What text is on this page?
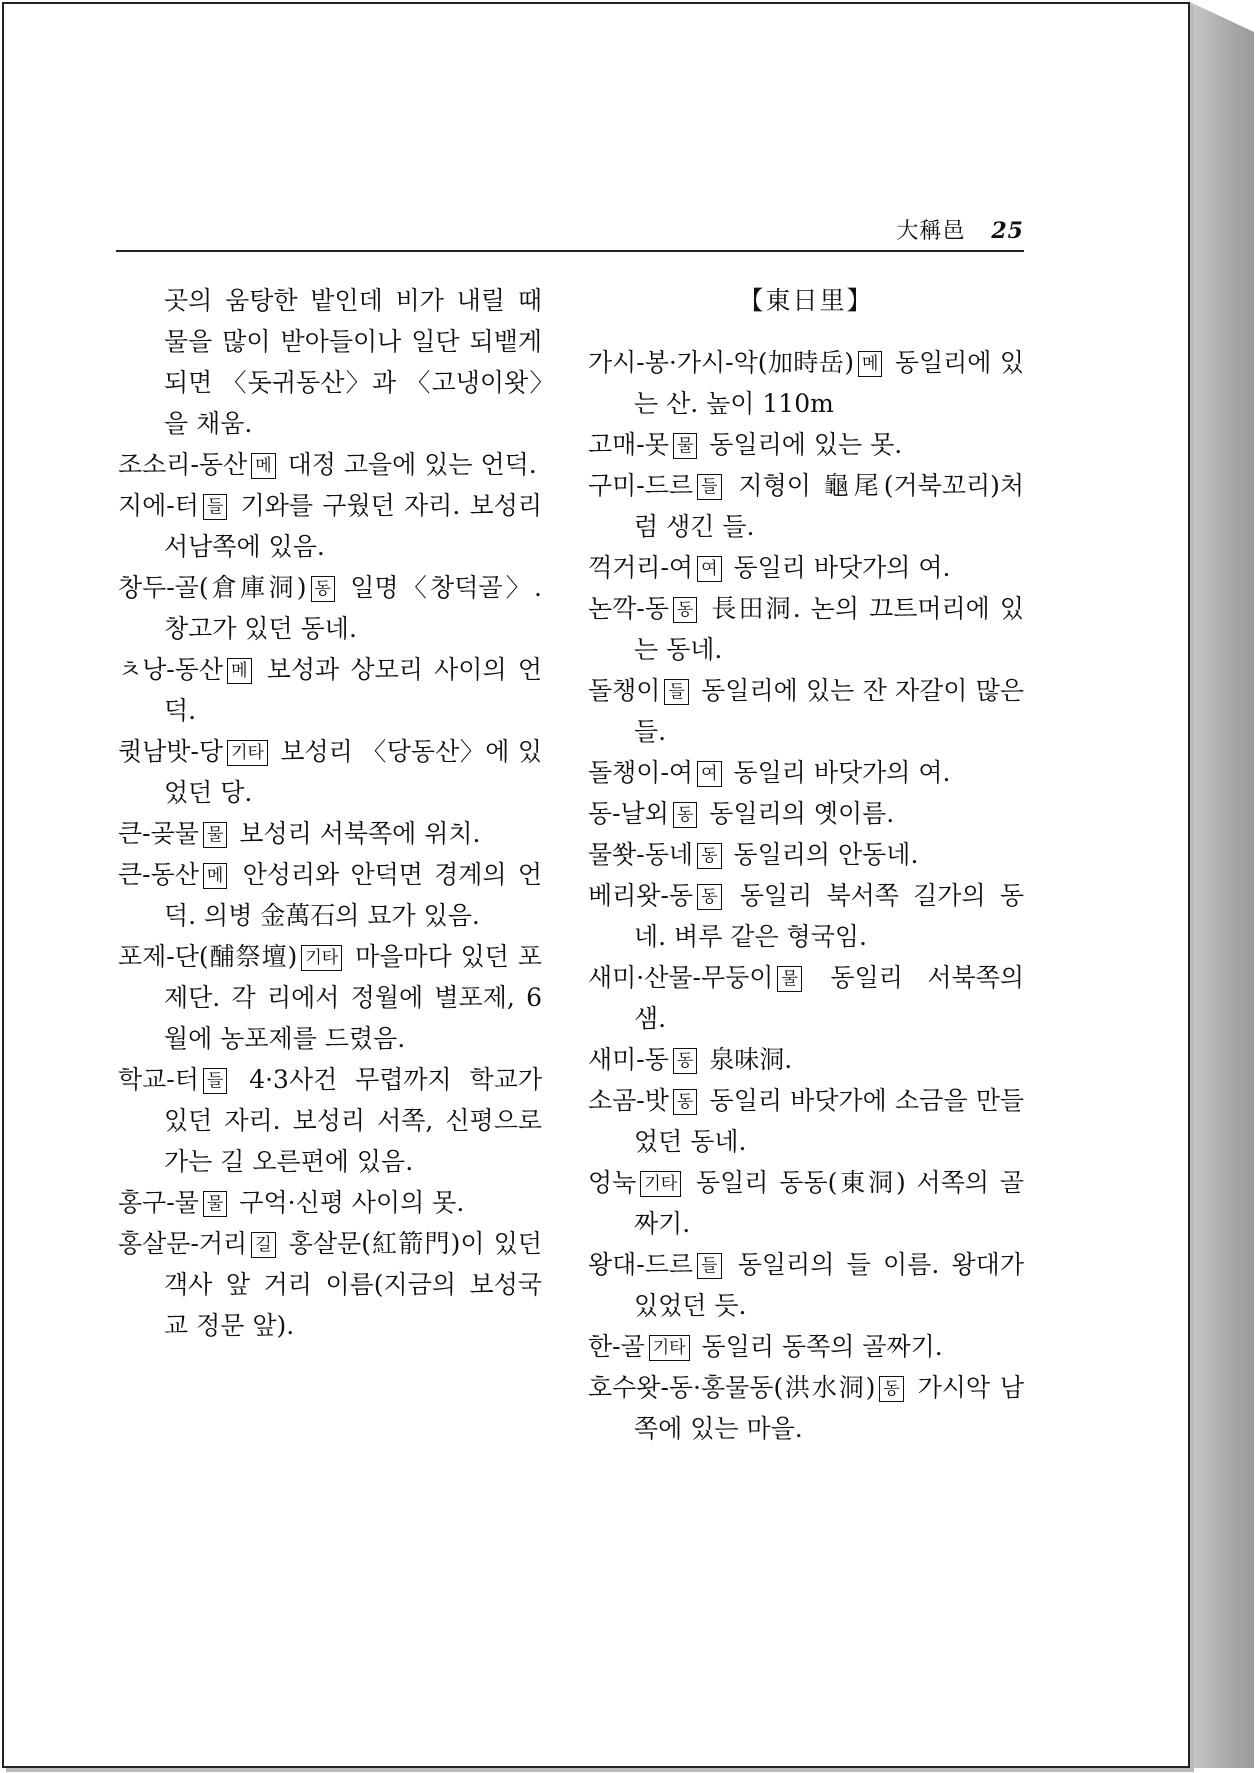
大稱邑 25
곳의 움탕한 밭인데 비가 내릴 때 물을 많이 받아들이나 일단 되뱉게 되면 〈돗귀동산〉과 〈고냉이왓〉을 채움.
조소리-동산 메 대정 고을에 있는 언덕.
지에-터 들 기와를 구웠던 자리. 보성리 서남쪽에 있음.
창두-골(倉庫洞) 동 일명〈창덕골〉. 창고가 있던 동네.
ㅊ낭-동산 메 보성과 상모리 사이의 언덕.
큇남밧-당 기타 보성리 〈당동산〉에 있었던 당.
큰-곶물 물 보성리 서북쪽에 위치.
큰-동산 메 안성리와 안덕면 경계의 언덕. 의병 金萬石의 묘가 있음.
포제-단(酺祭壇) 기타 마을마다 있던 포제단. 각 리에서 정월에 별포제, 6월에 농포제를 드렸음.
학교-터 들 4·3사건 무렵까지 학교가 있던 자리. 보성리 서쪽, 신평으로 가는 길 오른편에 있음.
홍구-물 물 구억·신평 사이의 못.
홍살문-거리 길 홍살문(紅箭門)이 있던 객사 앞 거리 이름(지금의 보성국교 정문 앞).
【東日里】
가시-봉·가시-악(加時岳) 메 동일리에 있는 산. 높이 110m
고매-못 물 동일리에 있는 못.
구미-드르 들 지형이 龜尾(거북꼬리)처럼 생긴 들.
꺽거리-여 여 동일리 바닷가의 여.
논깍-동 동 長田洞. 논의 끄트머리에 있는 동네.
돌챙이 들 동일리에 있는 잔 자갈이 많은 들.
돌챙이-여 여 동일리 바닷가의 여.
동-날외 동 동일리의 옛이름.
물쐇-동네 동 동일리의 안동네.
베리왓-동 동 동일리 북서쪽 길가의 동네. 벼루 같은 형국임.
새미·산물-무둥이 물 동일리 서북쪽의 샘.
새미-동 동 泉味洞.
소곰-밧 동 동일리 바닷가에 소금을 만들었던 동네.
엉눅 기타 동일리 동동(東洞) 서쪽의 골짜기.
왕대-드르 들 동일리의 들 이름. 왕대가 있었던 듯.
한-골 기타 동일리 동쪽의 골짜기.
호수왓-동·홍물동(洪水洞) 동 가시악 남쪽에 있는 마을.
